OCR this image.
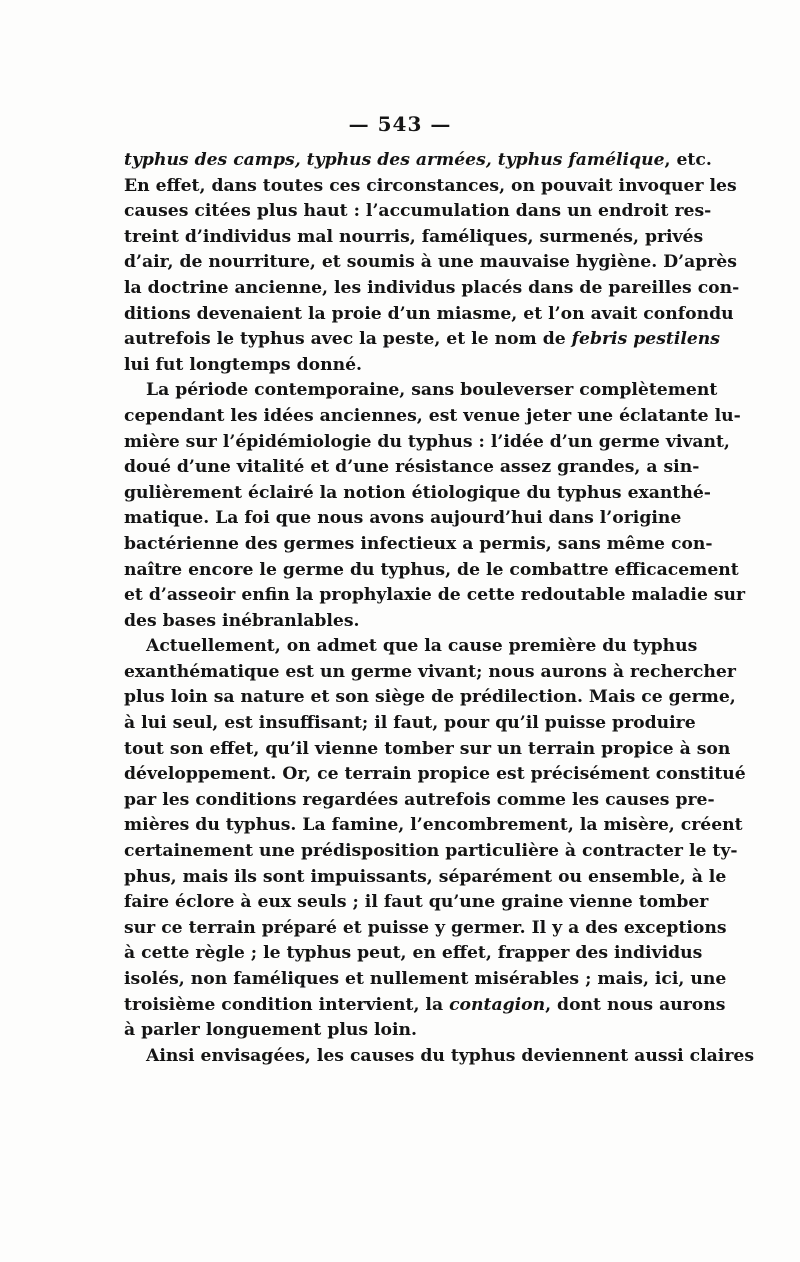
— 543 —
typhus des camps, typhus des armées, typhus famélique, etc.
En effet, dans toutes ces circonstances, on pouvait invoquer les
causes citées plus haut : l’accumulation dans un endroit res-
treint d’individus mal nourris, faméliques, surmenés, privés
d’air, de nourriture, et soumis à une mauvaise hygiène. D’après
la doctrine ancienne, les individus placés dans de pareilles con-
ditions devenaient la proie d’un miasme, et l’on avait confondu
autrefois le typhus avec la peste, et le nom de febris pestilens
lui fut longtemps donné.
La période contemporaine, sans bouleverser complètement
cependant les idées anciennes, est venue jeter une éclatante lu-
mière sur l’épidémiologie du typhus : l’idée d’un germe vivant,
doué d’une vitalité et d’une résistance assez grandes, a sin-
gulièrement éclairé la notion étiologique du typhus exanthé-
matique. La foi que nous avons aujourd’hui dans l’origine
bactérienne des germes infectieux a permis, sans même con-
naître encore le germe du typhus, de le combattre efficacement
et d’asseoir enfin la prophylaxie de cette redoutable maladie sur
des bases inébranlables.
Actuellement, on admet que la cause première du typhus
exanthématique est un germe vivant; nous aurons à rechercher
plus loin sa nature et son siège de prédilection. Mais ce germe,
à lui seul, est insuffisant; il faut, pour qu’il puisse produire
tout son effet, qu’il vienne tomber sur un terrain propice à son
développement. Or, ce terrain propice est précisément constitué
par les conditions regardées autrefois comme les causes pre-
mières du typhus. La famine, l’encombrement, la misère, créent
certainement une prédisposition particulière à contracter le ty-
phus, mais ils sont impuissants, séparément ou ensemble, à le
faire éclore à eux seuls ; il faut qu’une graine vienne tomber
sur ce terrain préparé et puisse y germer. Il y a des exceptions
à cette règle ; le typhus peut, en effet, frapper des individus
isolés, non faméliques et nullement misérables ; mais, ici, une
troisième condition intervient, la contagion, dont nous aurons
à parler longuement plus loin.
Ainsi envisagées, les causes du typhus deviennent aussi claires
